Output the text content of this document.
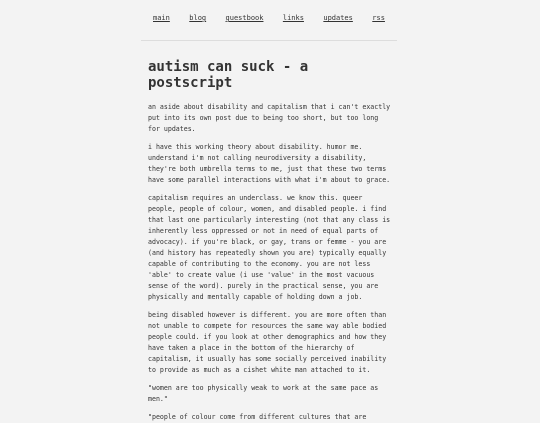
main	blog	guestbook	links	updates	rss
autism can suck - a postscript

an aside about disability and capitalism that i can't exactly put into its own post due to being too short, but too long for updates.

i have this working theory about disability. humor me. understand i'm not calling neurodiversity a disability, they're both umbrella terms to me, just that these two terms have some parallel interactions with what i'm about to grace.

capitalism requires an underclass. we know this. queer people, people of colour, women, and disabled people. i find that last one particularly interesting (not that any class is inherently less oppressed or not in need of equal parts of advocacy). if you're black, or gay, trans or femme - you are (and history has repeatedly shown you are) typically equally capable of contributing to the economy. you are not less 'able' to create value (i use 'value' in the most vacuous sense of the word). purely in the practical sense, you are physically and mentally capable of holding down a job.

being disabled however is different. you are more often than not unable to compete for resources the same way able bodied people could. if you look at other demographics and how they have taken a place in the bottom of the hierarchy of capitalism, it usually has some socially perceived inability to provide as much as a cishet white man attached to it.

"women are too physically weak to work at the same pace as men."

"people of colour come from different cultures that are
